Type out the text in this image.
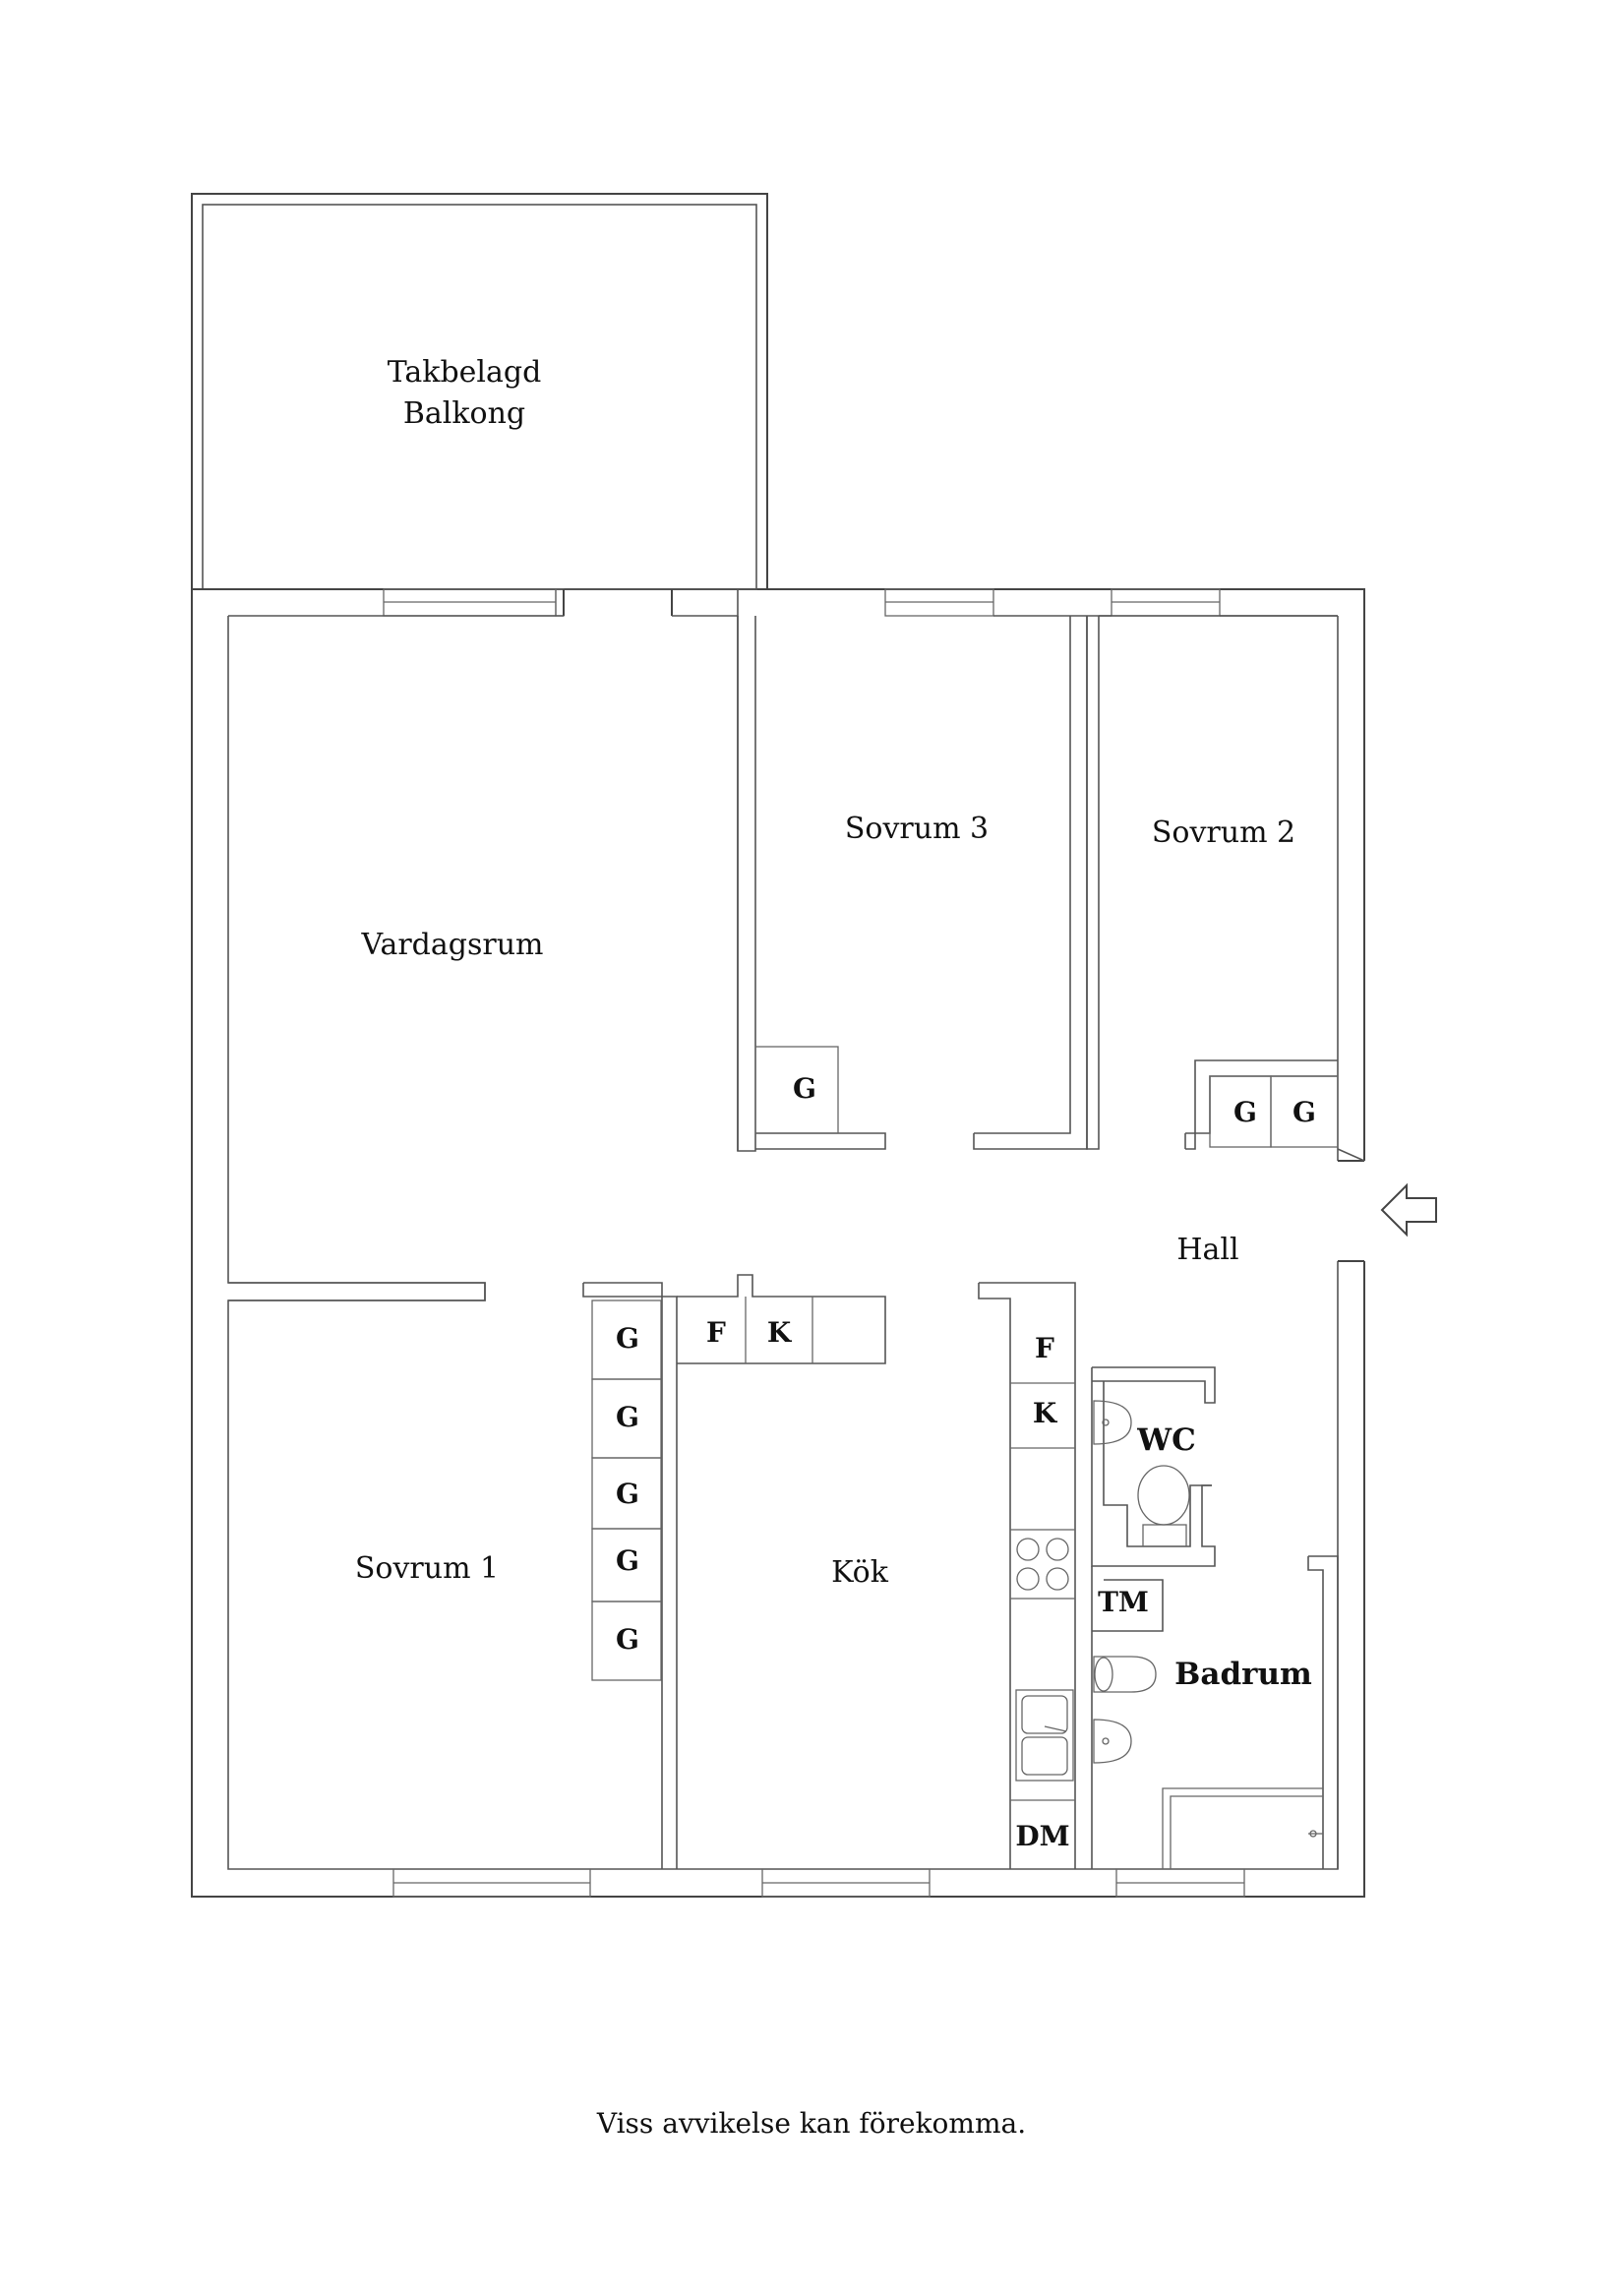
Takbelagd
Balkong
Vardagsrum
Sovrum 3	Sovrum 2
Sovrum 1
Hall
Kök
WC
Badrum
G
G G
G
G
G
G
G
F K	F
K
TM
DM
Viss avvikelse kan förekomma.
